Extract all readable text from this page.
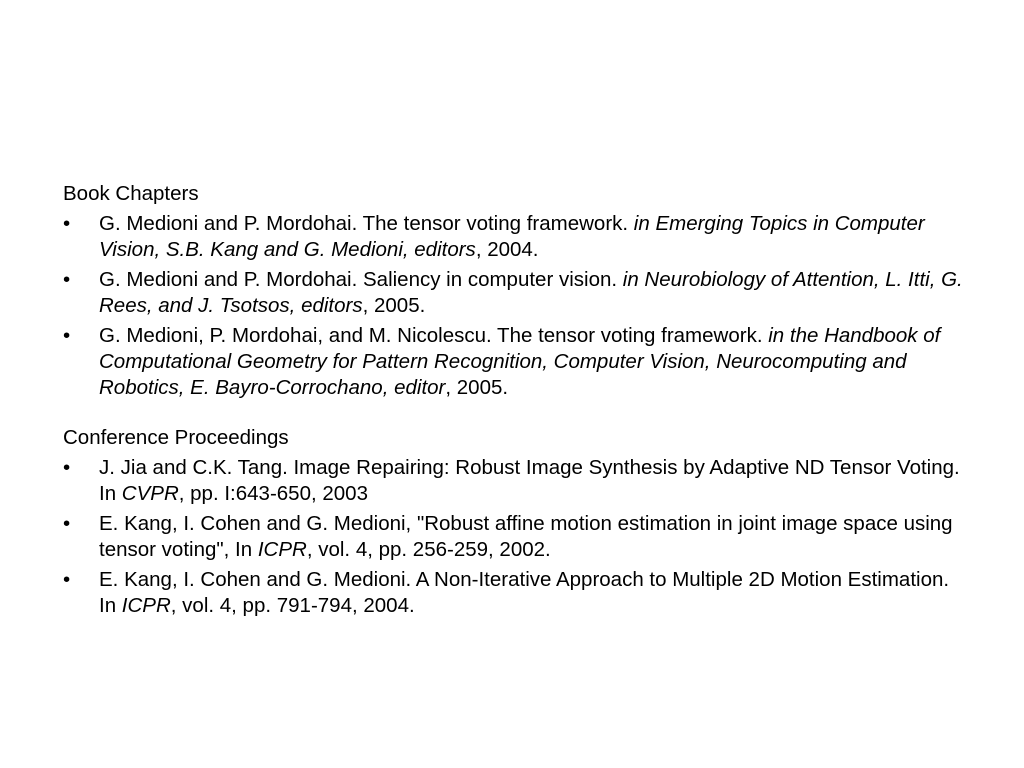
Book Chapters
•	G. Medioni and P. Mordohai. The tensor voting framework. in Emerging Topics in Computer Vision, S.B. Kang and G. Medioni, editors, 2004.
•	G. Medioni and P. Mordohai. Saliency in computer vision. in Neurobiology of Attention, L. Itti, G. Rees, and J. Tsotsos, editors, 2005.
•	G. Medioni, P. Mordohai, and M. Nicolescu. The tensor voting framework. in the Handbook of Computational Geometry for Pattern Recognition, Computer Vision, Neurocomputing and Robotics, E. Bayro-Corrochano, editor, 2005.
Conference Proceedings
•	J. Jia and C.K. Tang. Image Repairing: Robust Image Synthesis by Adaptive ND Tensor Voting. In CVPR, pp. I:643-650, 2003
•	E. Kang, I. Cohen and G. Medioni, "Robust affine motion estimation in joint image space using tensor voting", In ICPR, vol. 4, pp. 256-259, 2002.
•	E. Kang, I. Cohen and G. Medioni. A Non-Iterative Approach to Multiple 2D Motion Estimation. In ICPR, vol. 4, pp. 791-794, 2004.
